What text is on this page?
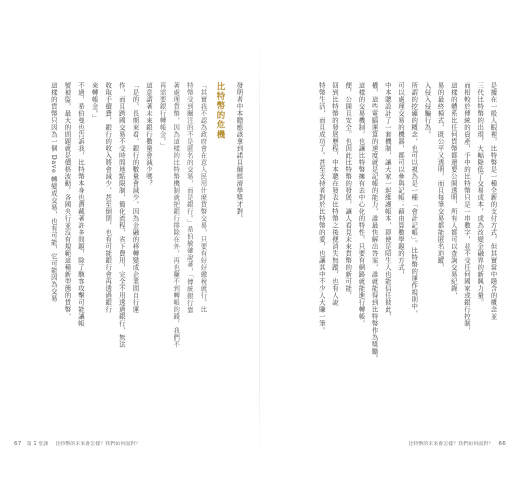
發明者中本聰應該拿到諾貝爾經濟學獎才對。
「其實我不認為政府會在意人民用什麼貨幣交易，只要有好好繳稅就行。比
特幣受到關注的不是匿名的交易，而是銀行。」希伯敏確說著，「傳統銀行靠
著處理貨幣，因為這樣的比特幣機制就把銀行排除在外，再也賺不到轉帳的錢，我們不
再需要銀行轉帳金。」
這意謂著未來銀行數量會減少嗎？
「是的，長期來看，銀行的數量會減少。因為金融的移轉變成企業間自行運
作，而且跨國交易不受時間地點限制，簡化流程，省下費用，完全不用透過銀行，無法
收取手續費，銀行的收入將會減少，甚至倒閉，也有可能銀行會再透過銀行
來轉帳金。」
不過，希伯曼也告訴我，比特幣本身也潛藏著許多問題，除了駭客攻擊可能讓帳
號被盜，最大的問題就是價格波動。各國央行並沒有規範這種新型態的貨幣，
這樣的貨幣只因為一個 Dave 轉變成交易，也有可能，它可能因為交易	比特幣的危機
67 第 1 堂課 比特幣的未來會怎樣？我們如何面對？
是據在一般人眼裡，比特幣是一種全新的支付方式，但其實當中隱含的概念並
三代比特幣的出現，大幅降低了交易成本，成為改變金融界的新興力量。
而相較於傳統的資產，手中的比特幣只是一串數字，並不受任何國家或銀行控制，
這樣的體系比任何貨幣都還要公開透明，所有人都可以查詢交易紀錄，
易的最終模式，既公平又透明，而且每筆交易都能匿名追蹤，
入侵入侵騙行為。
所謂的挖礦的概念，也可以視為是一種「會計記帳」。比特幣的運作規則中，
可以處理交易的機器，都可以參與記帳；藉由算數學題的方式，
中本聰設計了一套機制，讓大家一起維護帳本，即使是陌生人也能信任彼此，
權，這些電腦運算的速度就是記帳的能力，誰最快解出答案，誰就能得到比特幣作為獎勵。
這樣的交易機制，也讓比特幣擁有去中心化的特性，只要有網路就能進行轉帳，
便，公開且安全。也因此比特幣的發展，讓人看見未來貨幣的新可能，
回到比特幣的發展歷程，中本聰在發表比特幣之後便消失無蹤，也有人說
特幣生活，而且成功了。甚至支持者對於比特幣的愛，也讓其中不少人大賺一筆。
比特幣的未來會怎樣？我們如何面對？ 66
